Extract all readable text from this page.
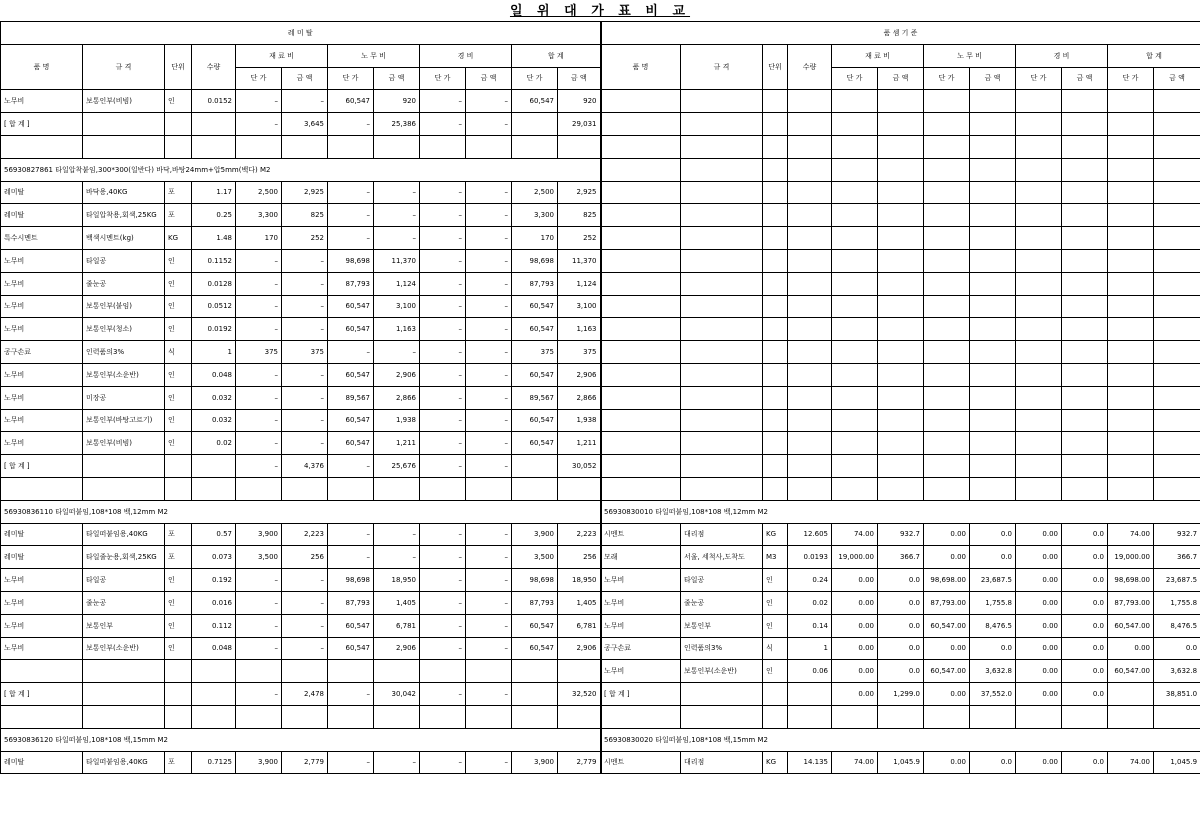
일 위 대 가 표 비 교
레 미 탈											
품 명	규 격	단위	수량	재 료 비		노 무 비		경 비		합 계	
				단 가	금 액	단 가	금 액	단 가	금 액	단 가	금 액
노무비	보통인부(비빔)	인	0.0152	–	–	60,547	920	–	–	60,547	920
[ 합 계 ]				–	3,645	–	25,386	–	–		29,031

56930827861 타일압착붙임,300*300(일반다) 바닥,바탕24mm+압5mm(백다) M2											
레미탈	바닥용,40KG	포	1.17	2,500	2,925	–	–	–	–	2,500	2,925
레미탈	타일압착용,회색,25KG	포	0.25	3,300	825	–	–	–	–	3,300	825
특수시멘트	백색시멘트(kg)	KG	1.48	170	252	–	–	–	–	170	252
노무비	타일공	인	0.1152	–	–	98,698	11,370	–	–	98,698	11,370
노무비	줄눈공	인	0.0128	–	–	87,793	1,124	–	–	87,793	1,124
노무비	보통인부(붙임)	인	0.0512	–	–	60,547	3,100	–	–	60,547	3,100
노무비	보통인부(청소)	인	0.0192	–	–	60,547	1,163	–	–	60,547	1,163
공구손료	인력품의3%	식	1	375	375	–	–	–	–	375	375
노무비	보통인부(소운반)	인	0.048	–	–	60,547	2,906	–	–	60,547	2,906
노무비	미장공	인	0.032	–	–	89,567	2,866	–	–	89,567	2,866
노무비	보통인부(바탕고르기)	인	0.032	–	–	60,547	1,938	–	–	60,547	1,938
노무비	보통인부(비빔)	인	0.02	–	–	60,547	1,211	–	–	60,547	1,211
[ 합 계 ]				–	4,376	–	25,676	–	–		30,052

56930836110 타일떠붙임,108*108 백,12mm M2											
레미탈	타일떠붙임용,40KG	포	0.57	3,900	2,223	–	–	–	–	3,900	2,223
레미탈	타일줄눈용,회색,25KG	포	0.073	3,500	256	–	–	–	–	3,500	256
노무비	타일공	인	0.192	–	–	98,698	18,950	–	–	98,698	18,950
노무비	줄눈공	인	0.016	–	–	87,793	1,405	–	–	87,793	1,405
노무비	보통인부	인	0.112	–	–	60,547	6,781	–	–	60,547	6,781
노무비	보통인부(소운반)	인	0.048	–	–	60,547	2,906	–	–	60,547	2,906

[ 합 계 ]				–	2,478	–	30,042	–	–		32,520

56930836120 타일떠붙임,108*108 백,15mm M2											
레미탈	타일떠붙임용,40KG	포	0.7125	3,900	2,779	–	–	–	–	3,900	2,779
품 셈 기 준											
품 명	규 격	단위	수량	재 료 비		노 무 비		경 비		합 계	
				단 가	금 액	단 가	금 액	단 가	금 액	단 가	금 액

56930830010 타일떠붙임,108*108 백,12mm M2											
시멘트	대리점	KG	12.605	74.00	932.7	0.00	0.0	0.00	0.0	74.00	932.7
모래	서울, 세척사,도착도	M3	0.0193	19,000.00	366.7	0.00	0.0	0.00	0.0	19,000.00	366.7
노무비	타일공	인	0.24	0.00	0.0	98,698.00	23,687.5	0.00	0.0	98,698.00	23,687.5
노무비	줄눈공	인	0.02	0.00	0.0	87,793.00	1,755.8	0.00	0.0	87,793.00	1,755.8
노무비	보통인부	인	0.14	0.00	0.0	60,547.00	8,476.5	0.00	0.0	60,547.00	8,476.5
공구손료	인력품의3%	식	1	0.00	0.0	0.00	0.0	0.00	0.0	0.00	0.0
노무비	보통인부(소운반)	인	0.06	0.00	0.0	60,547.00	3,632.8	0.00	0.0	60,547.00	3,632.8
[ 합 계 ]				0.00	1,299.0	0.00	37,552.0	0.00	0.0		38,851.0

56930830020 타일떠붙임,108*108 백,15mm M2											
시멘트	대리점	KG	14.135	74.00	1,045.9	0.00	0.0	0.00	0.0	74.00	1,045.9
